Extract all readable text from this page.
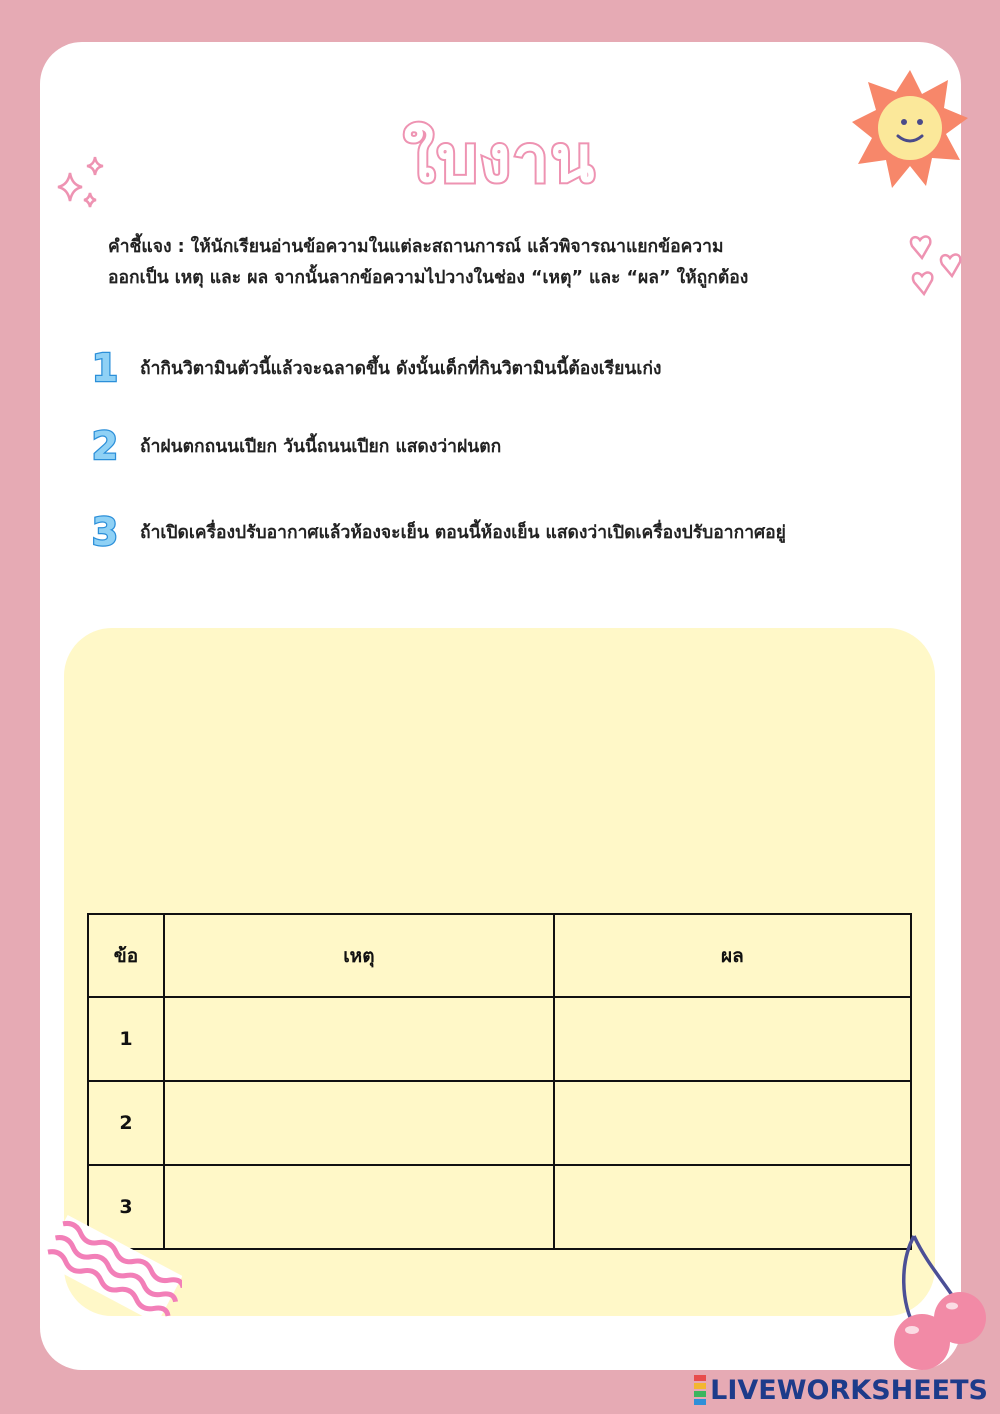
ใบงาน
คำชี้แจง : ให้นักเรียนอ่านข้อความในแต่ละสถานการณ์ แล้วพิจารณาแยกข้อความ
ออกเป็น เหตุ และ ผล จากนั้นลากข้อความไปวางในช่อง “เหตุ” และ “ผล” ให้ถูกต้อง
1 ถ้ากินวิตามินตัวนี้แล้วจะฉลาดขึ้น ดังนั้นเด็กที่กินวิตามินนี้ต้องเรียนเก่ง
2 ถ้าฝนตกถนนเปียก วันนี้ถนนเปียก แสดงว่าฝนตก
3 ถ้าเปิดเครื่องปรับอากาศแล้วห้องจะเย็น ตอนนี้ห้องเย็น แสดงว่าเปิดเครื่องปรับอากาศอยู่
ข้อ	เหตุ	ผล
1		
2		
3		
LIVEWORKSHEETS
